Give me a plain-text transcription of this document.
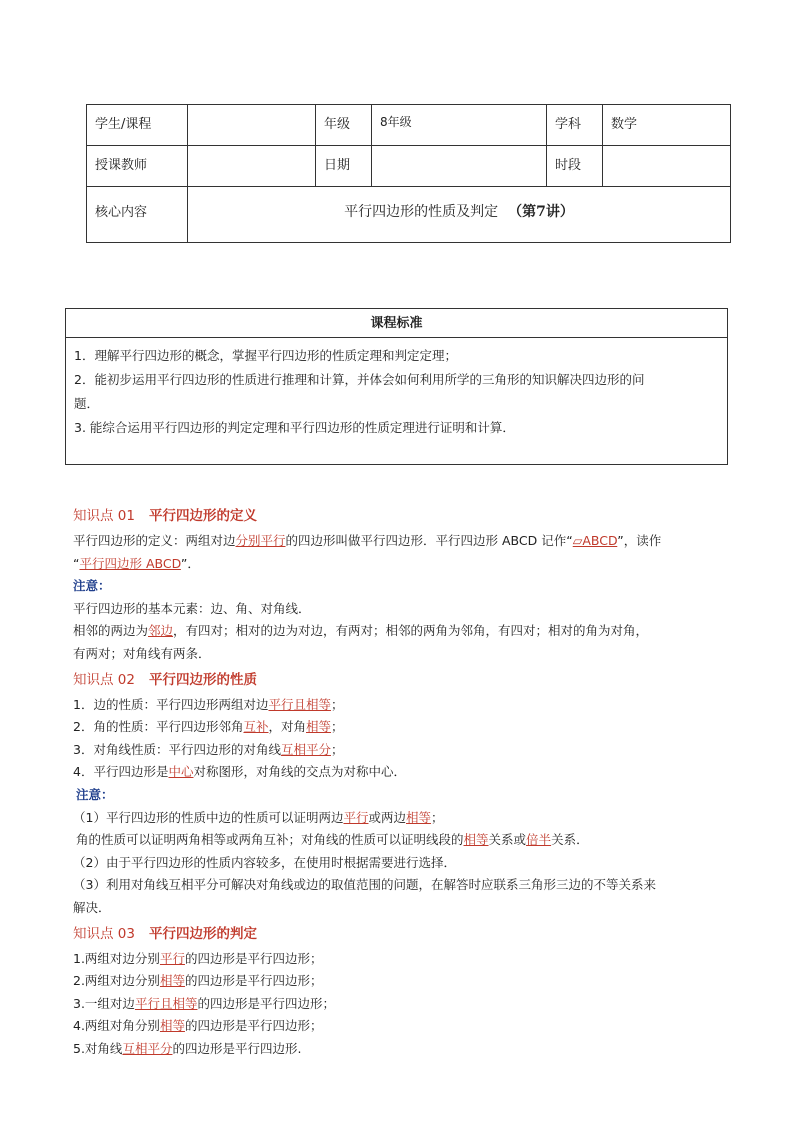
学生/课程		年级	8年级	学科	数学
授课教师		日期		时段	
核心内容	平行四边形的性质及判定 （第7讲）				
课程标准
1．理解平行四边形的概念，掌握平行四边形的性质定理和判定定理；
2．能初步运用平行四边形的性质进行推理和计算，并体会如何利用所学的三角形的知识解决四边形的问
题．
3. 能综合运用平行四边形的判定定理和平行四边形的性质定理进行证明和计算．
知识点 01 平行四边形的定义
平行四边形的定义：两组对边分别平行的四边形叫做平行四边形．平行四边形 ABCD 记作“▱ABCD”，读作
“平行四边形 ABCD”．
注意：
平行四边形的基本元素：边、角、对角线．
相邻的两边为邻边，有四对；相对的边为对边，有两对；相邻的两角为邻角，有四对；相对的角为对角，
有两对；对角线有两条．
知识点 02 平行四边形的性质
1．边的性质：平行四边形两组对边平行且相等；
2．角的性质：平行四边形邻角互补，对角相等；
3．对角线性质：平行四边形的对角线互相平分；
4．平行四边形是中心对称图形，对角线的交点为对称中心．
注意：
（1）平行四边形的性质中边的性质可以证明两边平行或两边相等；
角的性质可以证明两角相等或两角互补；对角线的性质可以证明线段的相等关系或倍半关系．
（2）由于平行四边形的性质内容较多，在使用时根据需要进行选择．
（3）利用对角线互相平分可解决对角线或边的取值范围的问题，在解答时应联系三角形三边的不等关系来
解决．
知识点 03 平行四边形的判定
1.两组对边分别平行的四边形是平行四边形；
2.两组对边分别相等的四边形是平行四边形；
3.一组对边平行且相等的四边形是平行四边形；
4.两组对角分别相等的四边形是平行四边形；
5.对角线互相平分的四边形是平行四边形.
